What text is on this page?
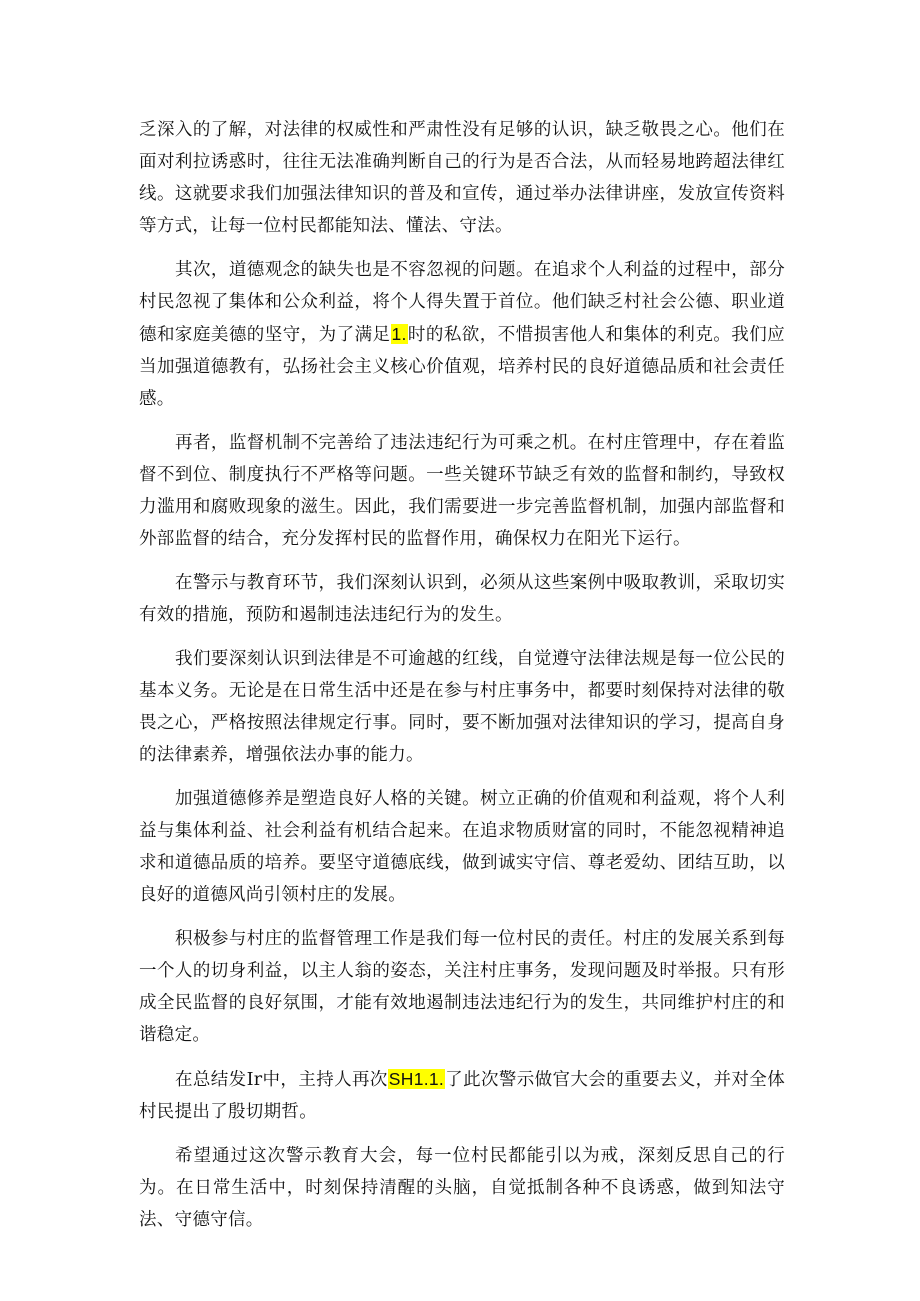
乏深入的了解，对法律的权威性和严肃性没有足够的认识，缺乏敬畏之心。他们在面对利拉诱惑时，往往无法准确判断自己的行为是否合法，从而轻易地跨超法律红线。这就要求我们加强法律知识的普及和宣传，通过举办法律讲座，发放宣传资料等方式，让每一位村民都能知法、懂法、守法。

其次，道德观念的缺失也是不容忽视的问题。在追求个人利益的过程中，部分村民忽视了集体和公众利益，将个人得失置于首位。他们缺乏村社会公德、职业道德和家庭美德的坚守，为了满足1.时的私欲，不惜损害他人和集体的利克。我们应当加强道德教有，弘扬社会主义核心价值观，培养村民的良好道德品质和社会责任感。

再者，监督机制不完善给了违法违纪行为可乘之机。在村庄管理中，存在着监督不到位、制度执行不严格等问题。一些关键环节缺乏有效的监督和制约，导致权力滥用和腐败现象的滋生。因此，我们需要进一步完善监督机制，加强内部监督和外部监督的结合，充分发挥村民的监督作用，确保权力在阳光下运行。

在警示与教育环节，我们深刻认识到，必须从这些案例中吸取教训，采取切实有效的措施，预防和遏制违法违纪行为的发生。

我们要深刻认识到法律是不可逾越的红线，自觉遵守法律法规是每一位公民的基本义务。无论是在日常生活中还是在参与村庄事务中，都要时刻保持对法律的敬畏之心，严格按照法律规定行事。同时，要不断加强对法律知识的学习，提高自身的法律素养，增强依法办事的能力。

加强道德修养是塑造良好人格的关键。树立正确的价值观和利益观，将个人利益与集体利益、社会利益有机结合起来。在追求物质财富的同时，不能忽视精神追求和道德品质的培养。要坚守道德底线，做到诚实守信、尊老爱幼、团结互助，以良好的道德风尚引领村庄的发展。

积极参与村庄的监督管理工作是我们每一位村民的责任。村庄的发展关系到每一个人的切身利益，以主人翁的姿态，关注村庄事务，发现问题及时举报。只有形成全民监督的良好氛围，才能有效地遏制违法违纪行为的发生，共同维护村庄的和谐稳定。

在总结发Ir中，主持人再次SH1.1.了此次警示做官大会的重要去义，并对全体村民提出了殷切期哲。

希望通过这次警示教育大会，每一位村民都能引以为戒，深刻反思自己的行为。在日常生活中，时刻保持清醒的头脑，自觉抵制各种不良诱惑，做到知法守法、守德守信。
